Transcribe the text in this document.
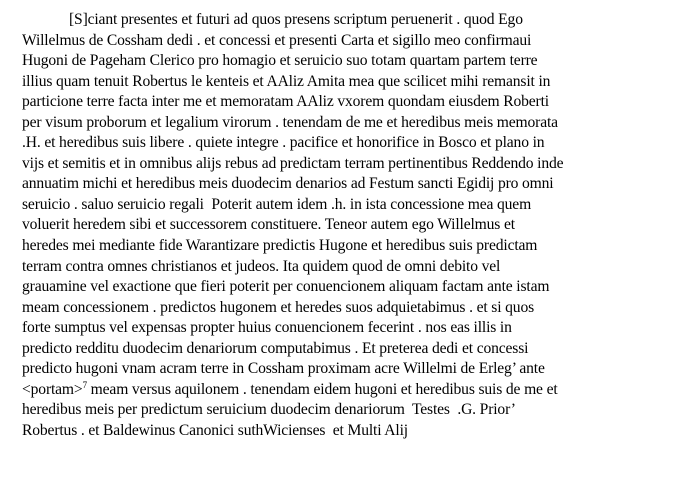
[S]ciant presentes et futuri ad quos presens scriptum peruenerit . quod Ego
Willelmus de Cossham dedi . et concessi et presenti Carta et sigillo meo confirmaui
Hugoni de Pageham Clerico pro homagio et seruicio suo totam quartam partem terre
illius quam tenuit Robertus le kenteis et AAliz Amita mea que scilicet mihi remansit in
particione terre facta inter me et memoratam AAliz vxorem quondam eiusdem Roberti
per visum proborum et legalium virorum . tenendam de me et heredibus meis memorata
.H. et heredibus suis libere . quiete integre . pacifice et honorifice in Bosco et plano in
vijs et semitis et in omnibus alijs rebus ad predictam terram pertinentibus Reddendo inde
annuatim michi et heredibus meis duodecim denarios ad Festum sancti Egidij pro omni
seruicio . saluo seruicio regali  Poterit autem idem .h. in ista concessione mea quem
voluerit heredem sibi et successorem constituere. Teneor autem ego Willelmus et
heredes mei mediante fide Warantizare predictis Hugone et heredibus suis predictam
terram contra omnes christianos et judeos. Ita quidem quod de omni debito vel
grauamine vel exactione que fieri poterit per conuencionem aliquam factam ante istam
meam concessionem . predictos hugonem et heredes suos adquietabimus . et si quos
forte sumptus vel expensas propter huius conuencionem fecerint . nos eas illis in
predicto redditu duodecim denariorum computabimus . Et preterea dedi et concessi
predicto hugoni vnam acram terre in Cossham proximam acre Willelmi de Erleg’ ante
<portam>$^7$ meam versus aquilonem . tenendam eidem hugoni et heredibus suis de me et
heredibus meis per predictum seruicium duodecim denariorum  Testes  .G. Prior’
Robertus . et Baldewinus Canonici suthWicienses  et Multi Alij
